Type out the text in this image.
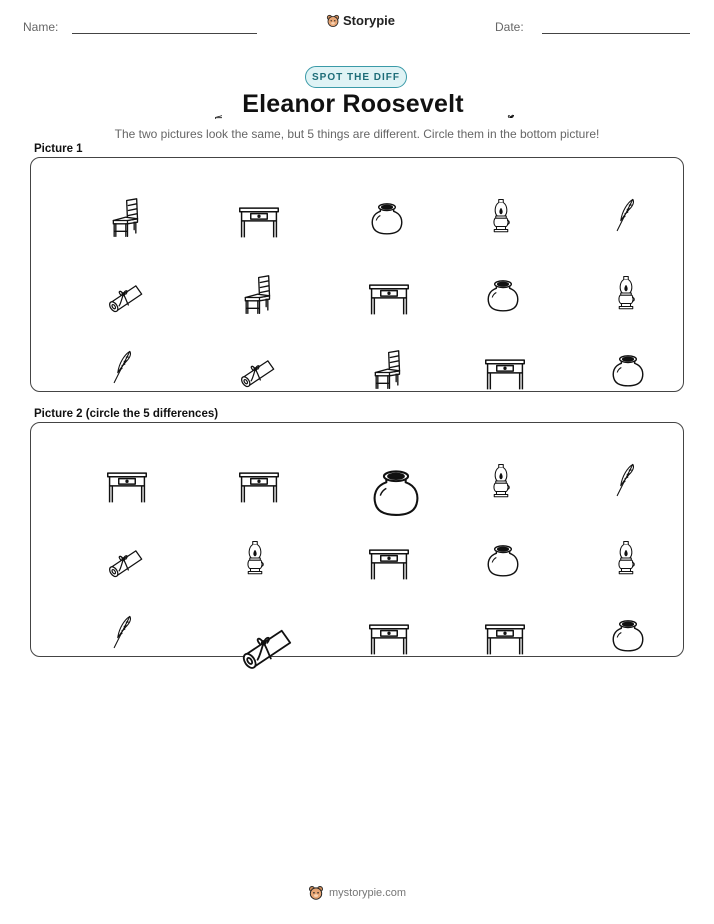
Name:	Storypie	Date:
SPOT THE DIFF
Eleanor Roosevelt
The two pictures look the same, but 5 things are different. Circle them in the bottom picture!
Picture 1
Picture 2 (circle the 5 differences)
mystorypie.com
